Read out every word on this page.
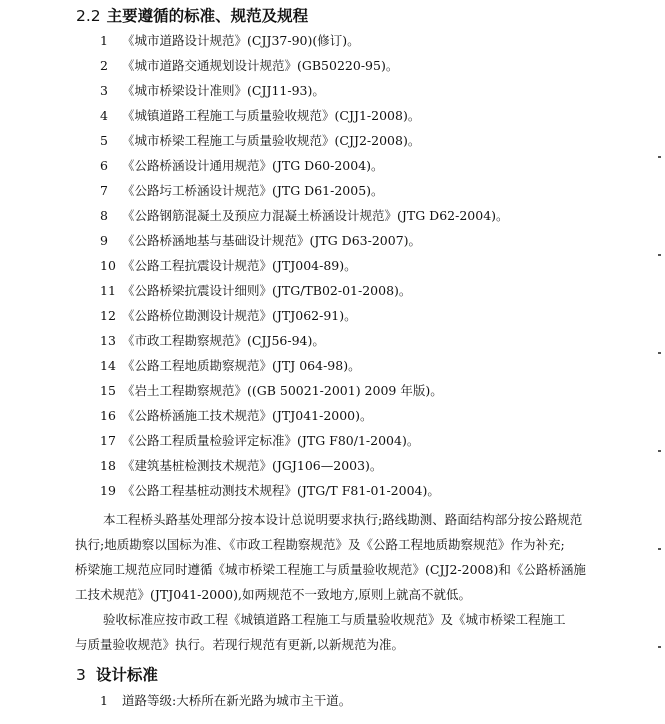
2.2 主要遵循的标准、规范及规程
1 《城市道路设计规范》(CJJ37-90)(修订)。
2 《城市道路交通规划设计规范》(GB50220-95)。
3 《城市桥梁设计准则》(CJJ11-93)。
4 《城镇道路工程施工与质量验收规范》(CJJ1-2008)。
5 《城市桥梁工程施工与质量验收规范》(CJJ2-2008)。
6 《公路桥涵设计通用规范》(JTG D60-2004)。
7 《公路圬工桥涵设计规范》(JTG D61-2005)。
8 《公路钢筋混凝土及预应力混凝土桥涵设计规范》(JTG D62-2004)。
9 《公路桥涵地基与基础设计规范》(JTG D63-2007)。
10 《公路工程抗震设计规范》(JTJ004-89)。
11 《公路桥梁抗震设计细则》(JTG/TB02-01-2008)。
12 《公路桥位勘测设计规范》(JTJ062-91)。
13 《市政工程勘察规范》(CJJ56-94)。
14 《公路工程地质勘察规范》(JTJ 064-98)。
15 《岩土工程勘察规范》((GB 50021-2001) 2009 年版)。
16 《公路桥涵施工技术规范》(JTJ041-2000)。
17 《公路工程质量检验评定标准》(JTG F80/1-2004)。
18 《建筑基桩检测技术规范》(JGJ106—2003)。
19 《公路工程基桩动测技术规程》(JTG/T F81-01-2004)。
本工程桥头路基处理部分按本设计总说明要求执行;路线勘测、路面结构部分按公路规范
执行;地质勘察以国标为准、《市政工程勘察规范》及《公路工程地质勘察规范》作为补充;
桥梁施工规范应同时遵循《城市桥梁工程施工与质量验收规范》(CJJ2-2008)和《公路桥涵施
工技术规范》(JTJ041-2000),如两规范不一致地方,原则上就高不就低。
验收标准应按市政工程《城镇道路工程施工与质量验收规范》及《城市桥梁工程施工
与质量验收规范》执行。若现行规范有更新,以新规范为准。
3 设计标准
1 道路等级:大桥所在新光路为城市主干道。
